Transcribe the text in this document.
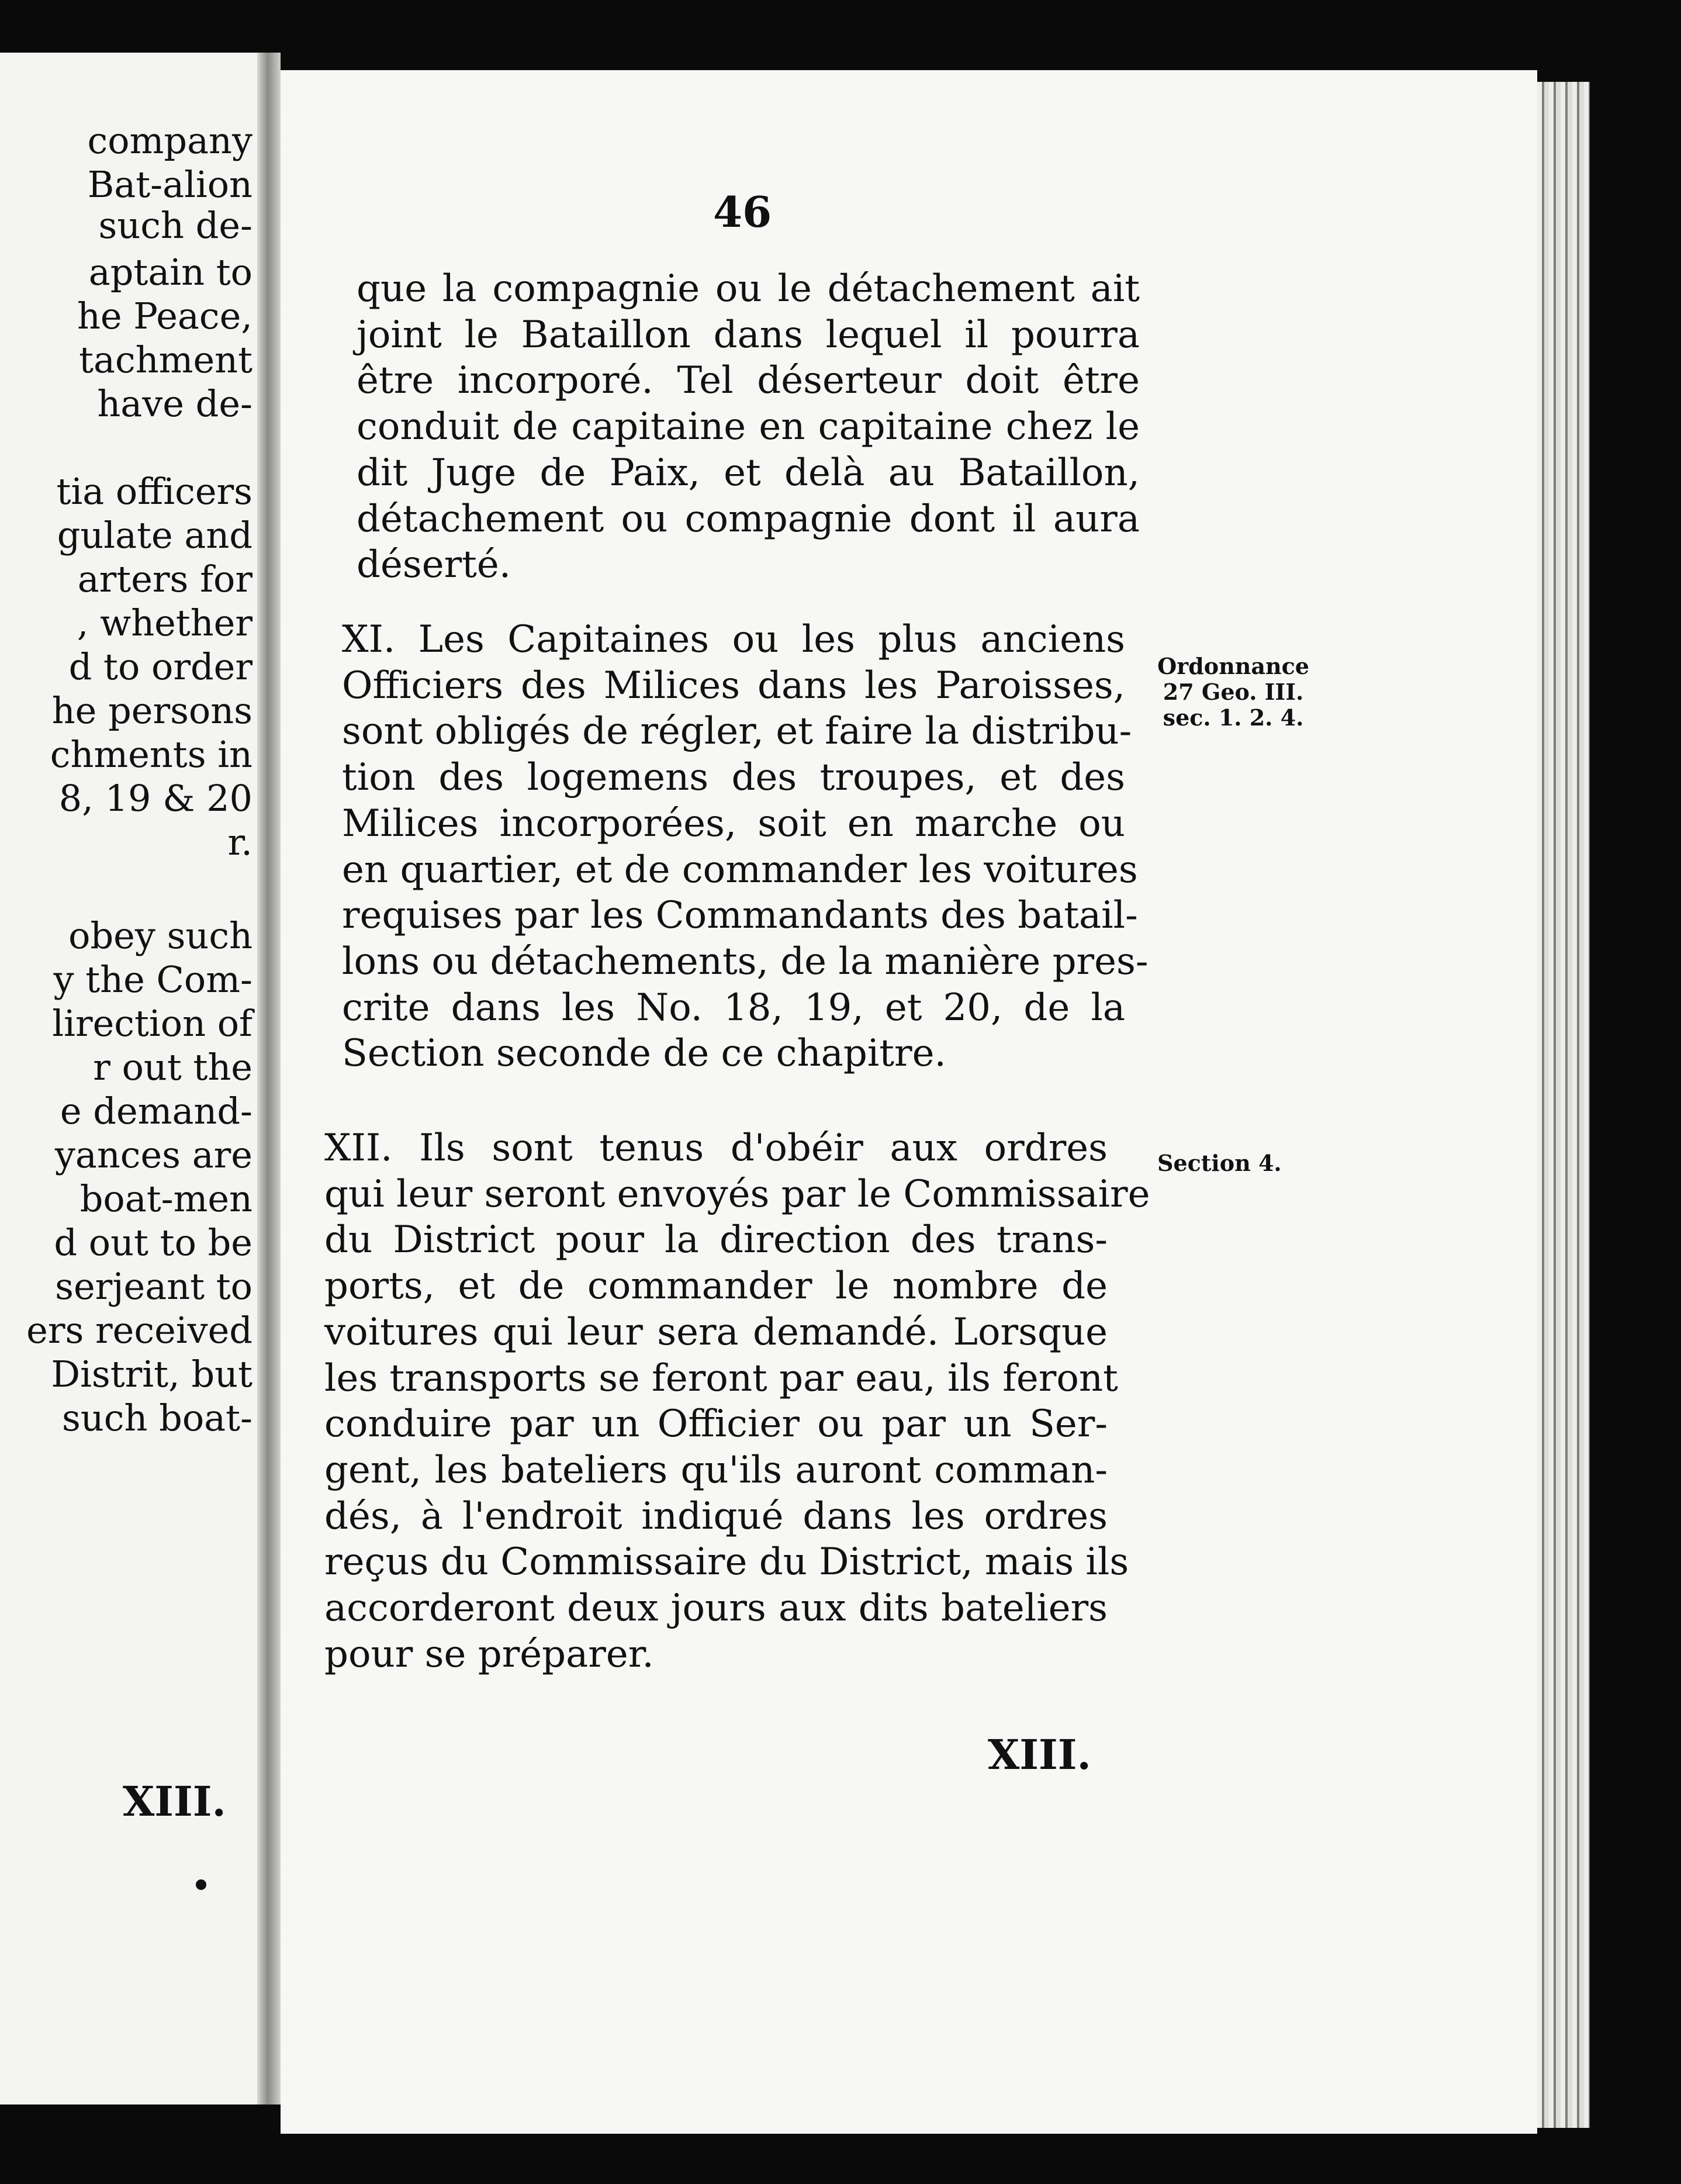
XIII.
company
Bat-alion
such de-
aptain to
he Peace,
tachment
have de-
tia officers
gulate and
arters for
, whether
d to order
he persons
chments in
8, 19 & 20
r.
obey such
y the Com-
lirection of
r out the
e demand-
yances are
boat-men
d out to be
serjeant to
ers received
Distrit, but
such boat-
46
que la compagnie ou le détachement ait
joint le Bataillon dans lequel il pourra
être incorporé. Tel déserteur doit être
conduit de capitaine en capitaine chez le
dit Juge de Paix, et delà au Bataillon,
détachement ou compagnie dont il aura
déserté.
XI. Les Capitaines ou les plus anciens
Officiers des Milices dans les Paroisses,
sont obligés de régler, et faire la distribu-
tion des logemens des troupes, et des
Milices incorporées, soit en marche ou
en quartier, et de commander les voitures
requises par les Commandants des batail-
lons ou détachements, de la manière pres-
crite dans les No. 18, 19, et 20, de la
Section seconde de ce chapitre.
XII. Ils sont tenus d'obéir aux ordres
qui leur seront envoyés par le Commissaire
du District pour la direction des trans-
ports, et de commander le nombre de
voitures qui leur sera demandé. Lorsque
les transports se feront par eau, ils feront
conduire par un Officier ou par un Ser-
gent, les bateliers qu'ils auront comman-
dés, à l'endroit indiqué dans les ordres
reçus du Commissaire du District, mais ils
accorderont deux jours aux dits bateliers
pour se préparer.
Ordonnance
27 Geo. III.
sec. 1. 2. 4.
Section 4.
XIII.
